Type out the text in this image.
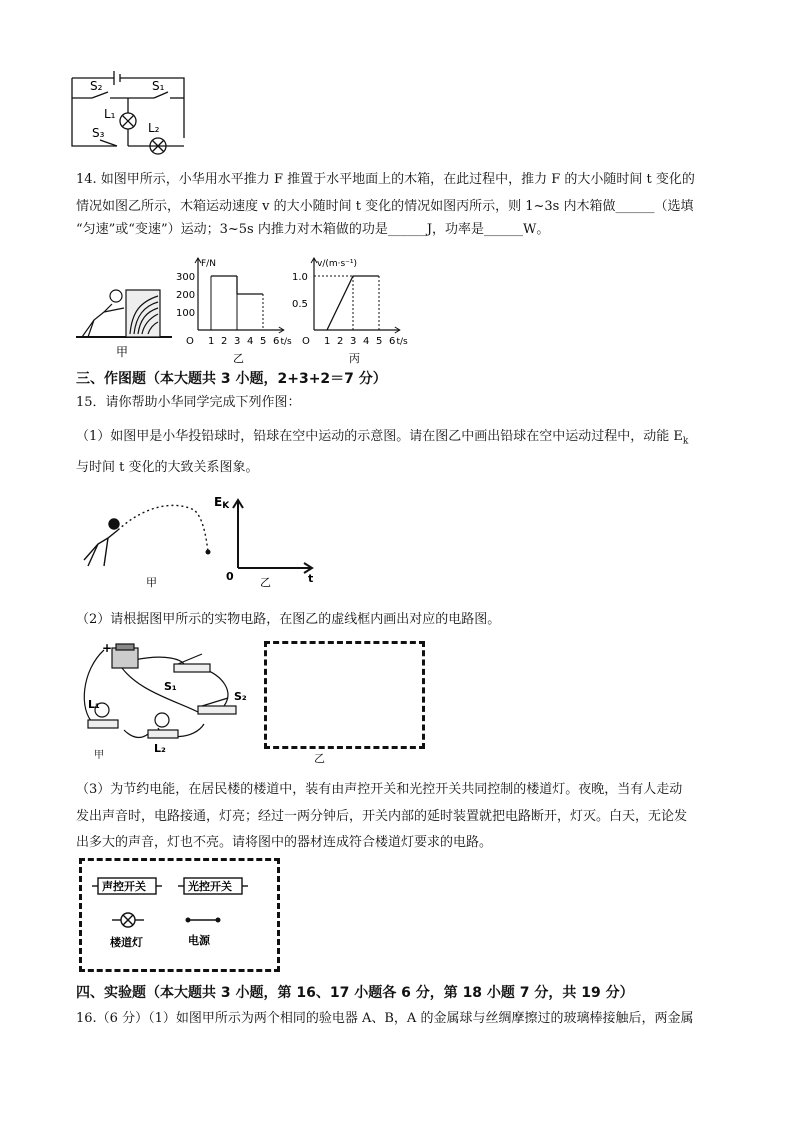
S₂	S₁
L₁
L₂
S₃
14. 如图甲所示，小华用水平推力 F 推置于水平地面上的木箱，在此过程中，推力 F 的大小随时间 t 变化的
情况如图乙所示，木箱运动速度 v 的大小随时间 t 变化的情况如图丙所示，则 1~3s 内木箱做______（选填
“匀速”或“变速”）运动；3~5s 内推力对木箱做的功是______J，功率是______W。
甲
F/N
t/s
O 1 2 3 4 5 6
100
200
300
乙
v/(m·s⁻¹)
t/s
O 1 2 3 4 5 6
0.5
1.0
丙
三、作图题（本大题共 3 小题，2+3+2＝7 分）
15．请你帮助小华同学完成下列作图：
（1）如图甲是小华投铅球时，铅球在空中运动的示意图。请在图乙中画出铅球在空中运动过程中，动能 $E_k$
与时间 t 变化的大致关系图象。
甲
EK
0	t
乙
（2）请根据图甲所示的实物电路，在图乙的虚线框内画出对应的电路图。
+
S₁
S₂
L₁
L₂
甲	乙
（3）为节约电能，在居民楼的楼道中，装有由声控开关和光控开关共同控制的楼道灯。夜晚，当有人走动
发出声音时，电路接通，灯亮；经过一两分钟后，开关内部的延时装置就把电路断开，灯灭。白天，无论发
出多大的声音，灯也不亮。请将图中的器材连成符合楼道灯要求的电路。
声控开关	光控开关
楼道灯	电源
四、实验题（本大题共 3 小题，第 16、17 小题各 6 分，第 18 小题 7 分，共 19 分）
16.（6 分）（1）如图甲所示为两个相同的验电器 A、B，A 的金属球与丝绸摩擦过的玻璃棒接触后，两金属
